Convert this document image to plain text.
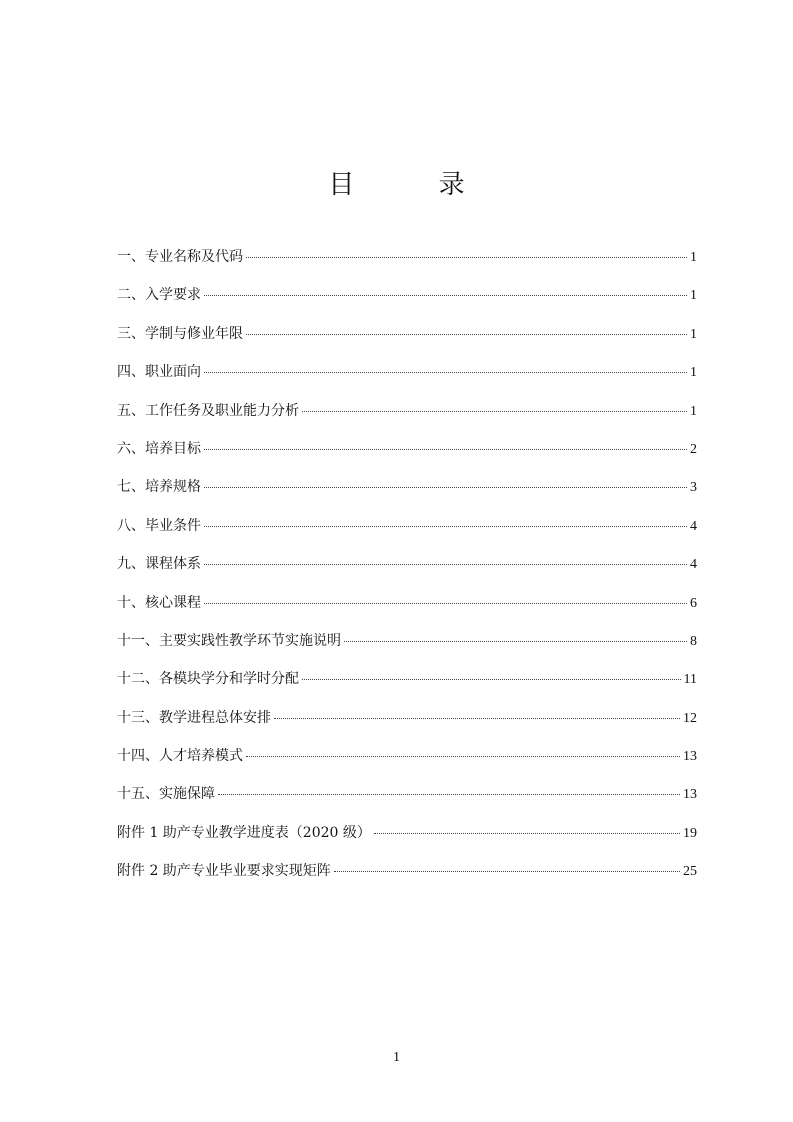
目 录
一、专业名称及代码	1
二、入学要求	1
三、学制与修业年限	1
四、职业面向	1
五、工作任务及职业能力分析	1
六、培养目标	2
七、培养规格	3
八、毕业条件	4
九、课程体系	4
十、核心课程	6
十一、主要实践性教学环节实施说明	8
十二、各模块学分和学时分配	11
十三、教学进程总体安排	12
十四、人才培养模式	13
十五、实施保障	13
附件 1 助产专业教学进度表（2020 级）	19
附件 2 助产专业毕业要求实现矩阵	25
1
